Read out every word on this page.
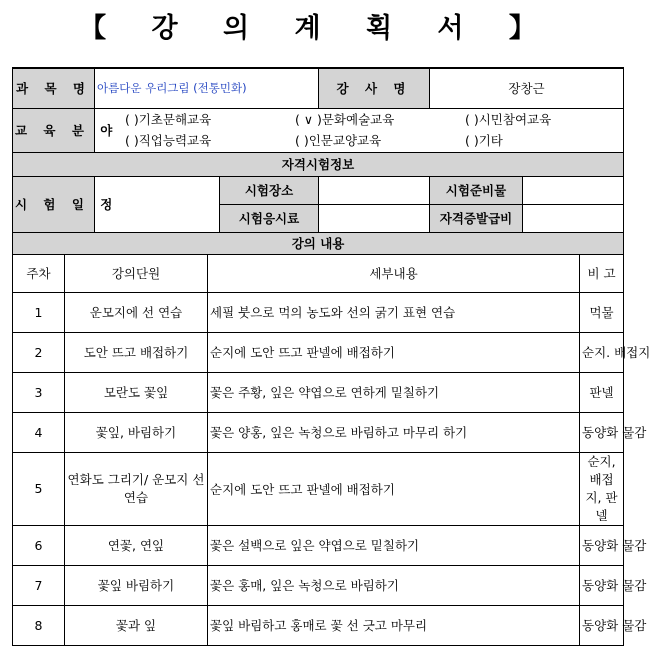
【 강 의 계 획 서 】
과 목 명		아름다운 우리그림 (전통민화)			강 사 명	장창근		
교 육 분 야		( )기초문해교육 ( ∨ )문화예술교육 ( )시민참여교육
( )직업능력교육 ( )인문교양교육 ( )기타						

자격시험정보								
시 험 일 정				시험장소		시험준비물		
				시험응시료		자격증발급비		
강의 내용								
주차	강의단원		세부내용					비 고
1	운모지에 선 연습		세필 붓으로 먹의 농도와 선의 굵기 표현 연습					먹물
2	도안 뜨고 배접하기		순지에 도안 뜨고 판넬에 배접하기					순지. 배접지
3	모란도 꽃잎		꽃은 주황, 잎은 약엽으로 연하게 밑칠하기					판넬
4	꽃잎, 바림하기		꽃은 양홍, 잎은 녹청으로 바림하고 마무리 하기					동양화 물감
5	연화도 그리기/ 운모지 선 연습		순지에 도안 뜨고 판넬에 배접하기					순지,배접지, 판넬
6	연꽃, 연잎		꽃은 설백으로 잎은 약엽으로 밑칠하기					동양화 물감
7	꽃잎 바림하기		꽃은 홍매, 잎은 녹청으로 바림하기					동양화 물감
8	꽃과 잎		꽃잎 바림하고 홍매로 꽃 선 긋고 마무리					동양화 물감
